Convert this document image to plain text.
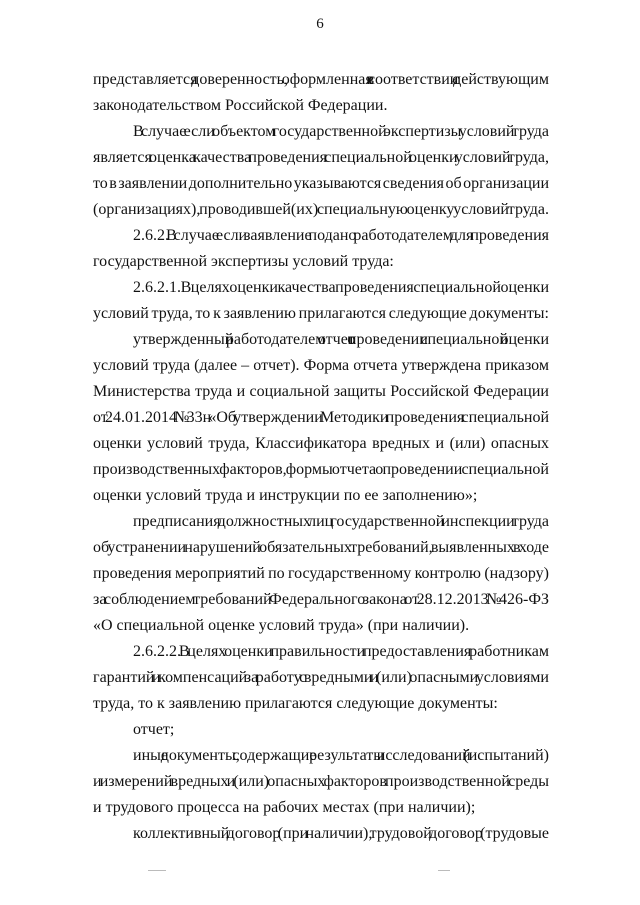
6
представляется доверенность, оформленная в соответствии с действующим
законодательством Российской Федерации.
В случае если объектом государственной экспертизы условий труда
является оценка качества проведения специальной оценки условий труда,
то в заявлении дополнительно указываются сведения об организации
(организациях), проводившей(их) специальную оценку условий труда.
2.6.2. В случае если заявление подано работодателем для проведения
государственной экспертизы условий труда:
2.6.2.1. В целях оценки качества проведения специальной оценки
условий труда, то к заявлению прилагаются следующие документы:
утвержденный работодателем отчет о проведении специальной оценки
условий труда (далее – отчет). Форма отчета утверждена приказом
Министерства труда и социальной защиты Российской Федерации
от 24.01.2014 № 33н «Об утверждении Методики проведения специальной
оценки условий труда, Классификатора вредных и (или) опасных
производственных факторов, формы отчета о проведении специальной
оценки условий труда и инструкции по ее заполнению»;
предписания должностных лиц государственной инспекции труда
об устранении нарушений обязательных требований, выявленных в ходе
проведения мероприятий по государственному контролю (надзору)
за соблюдением требований Федерального закона от 28.12.2013 № 426-ФЗ
«О специальной оценке условий труда» (при наличии).
2.6.2.2. В целях оценки правильности предоставления работникам
гарантий и компенсаций за работу с вредными и (или) опасными условиями
труда, то к заявлению прилагаются следующие документы:
отчет;
иные документы, содержащие результаты исследований (испытаний)
и измерений вредных и (или) опасных факторов производственной среды
и трудового процесса на рабочих местах (при наличии);
коллективный договор (при наличии), трудовой договор (трудовые
